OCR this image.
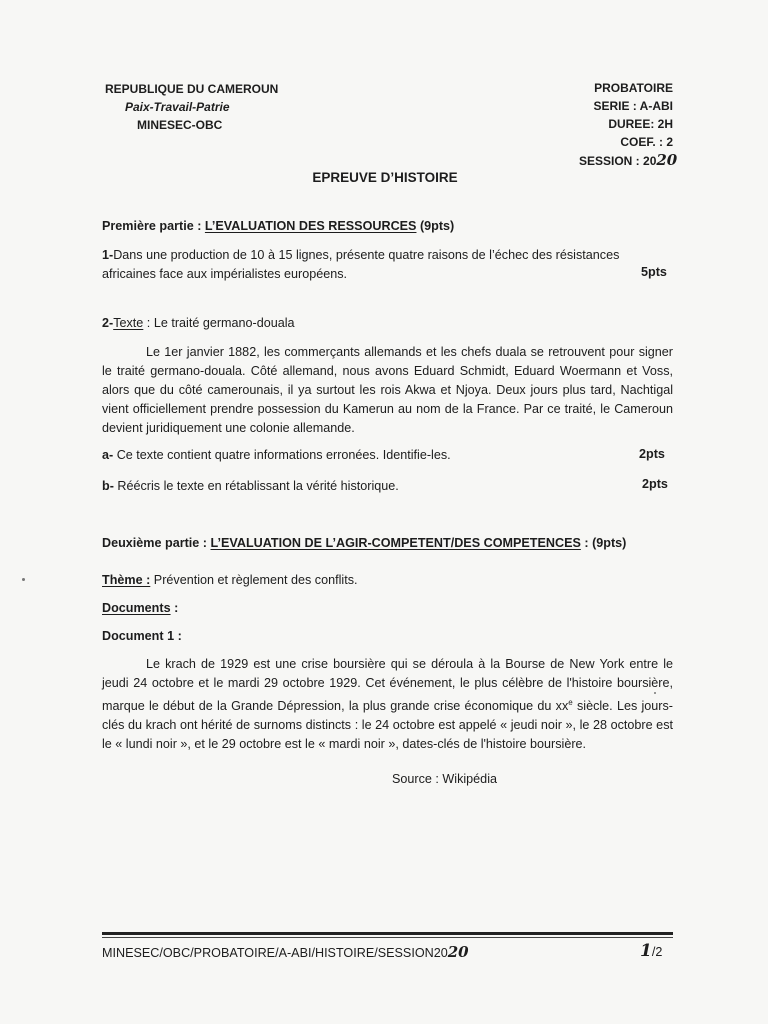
REPUBLIQUE DU CAMEROUN
Paix-Travail-Patrie
MINESEC-OBC
PROBATOIRE
SERIE : A-ABI
DUREE: 2H
COEF. : 2
SESSION : 2020
EPREUVE D’HISTOIRE
Première partie : L’EVALUATION DES RESSOURCES (9pts)
1-Dans une production de 10 à 15 lignes, présente quatre raisons de l’échec des résistances
africaines face aux impérialistes européens.	5pts
2-Texte : Le traité germano-douala
Le 1er janvier 1882, les commerçants allemands et les chefs duala se retrouvent pour signer le traité germano-douala. Côté allemand, nous avons Eduard Schmidt, Eduard Woermann et Voss, alors que du côté camerounais, il ya surtout les rois Akwa et Njoya. Deux jours plus tard, Nachtigal vient officiellement prendre possession du Kamerun au nom de la France. Par ce traité, le Cameroun devient juridiquement une colonie allemande.
a- Ce texte contient quatre informations erronées. Identifie-les.	2pts
b- Réécris le texte en rétablissant la vérité historique.	2pts
Deuxième partie : L’EVALUATION DE L’AGIR-COMPETENT/DES COMPETENCES : (9pts)
Thème : Prévention et règlement des conflits.
Documents :
Document 1 :
Le krach de 1929 est une crise boursière qui se déroula à la Bourse de New York entre le jeudi 24 octobre et le mardi 29 octobre 1929. Cet événement, le plus célèbre de l'histoire boursière, marque le début de la Grande Dépression, la plus grande crise économique du $xx^e$ siècle. Les jours-clés du krach ont hérité de surnoms distincts : le 24 octobre est appelé « jeudi noir », le 28 octobre est le « lundi noir », et le 29 octobre est le « mardi noir », dates-clés de l'histoire boursière.
Source : Wikipédia
MINESEC/OBC/PROBATOIRE/A-ABI/HISTOIRE/SESSION2020	1/2
